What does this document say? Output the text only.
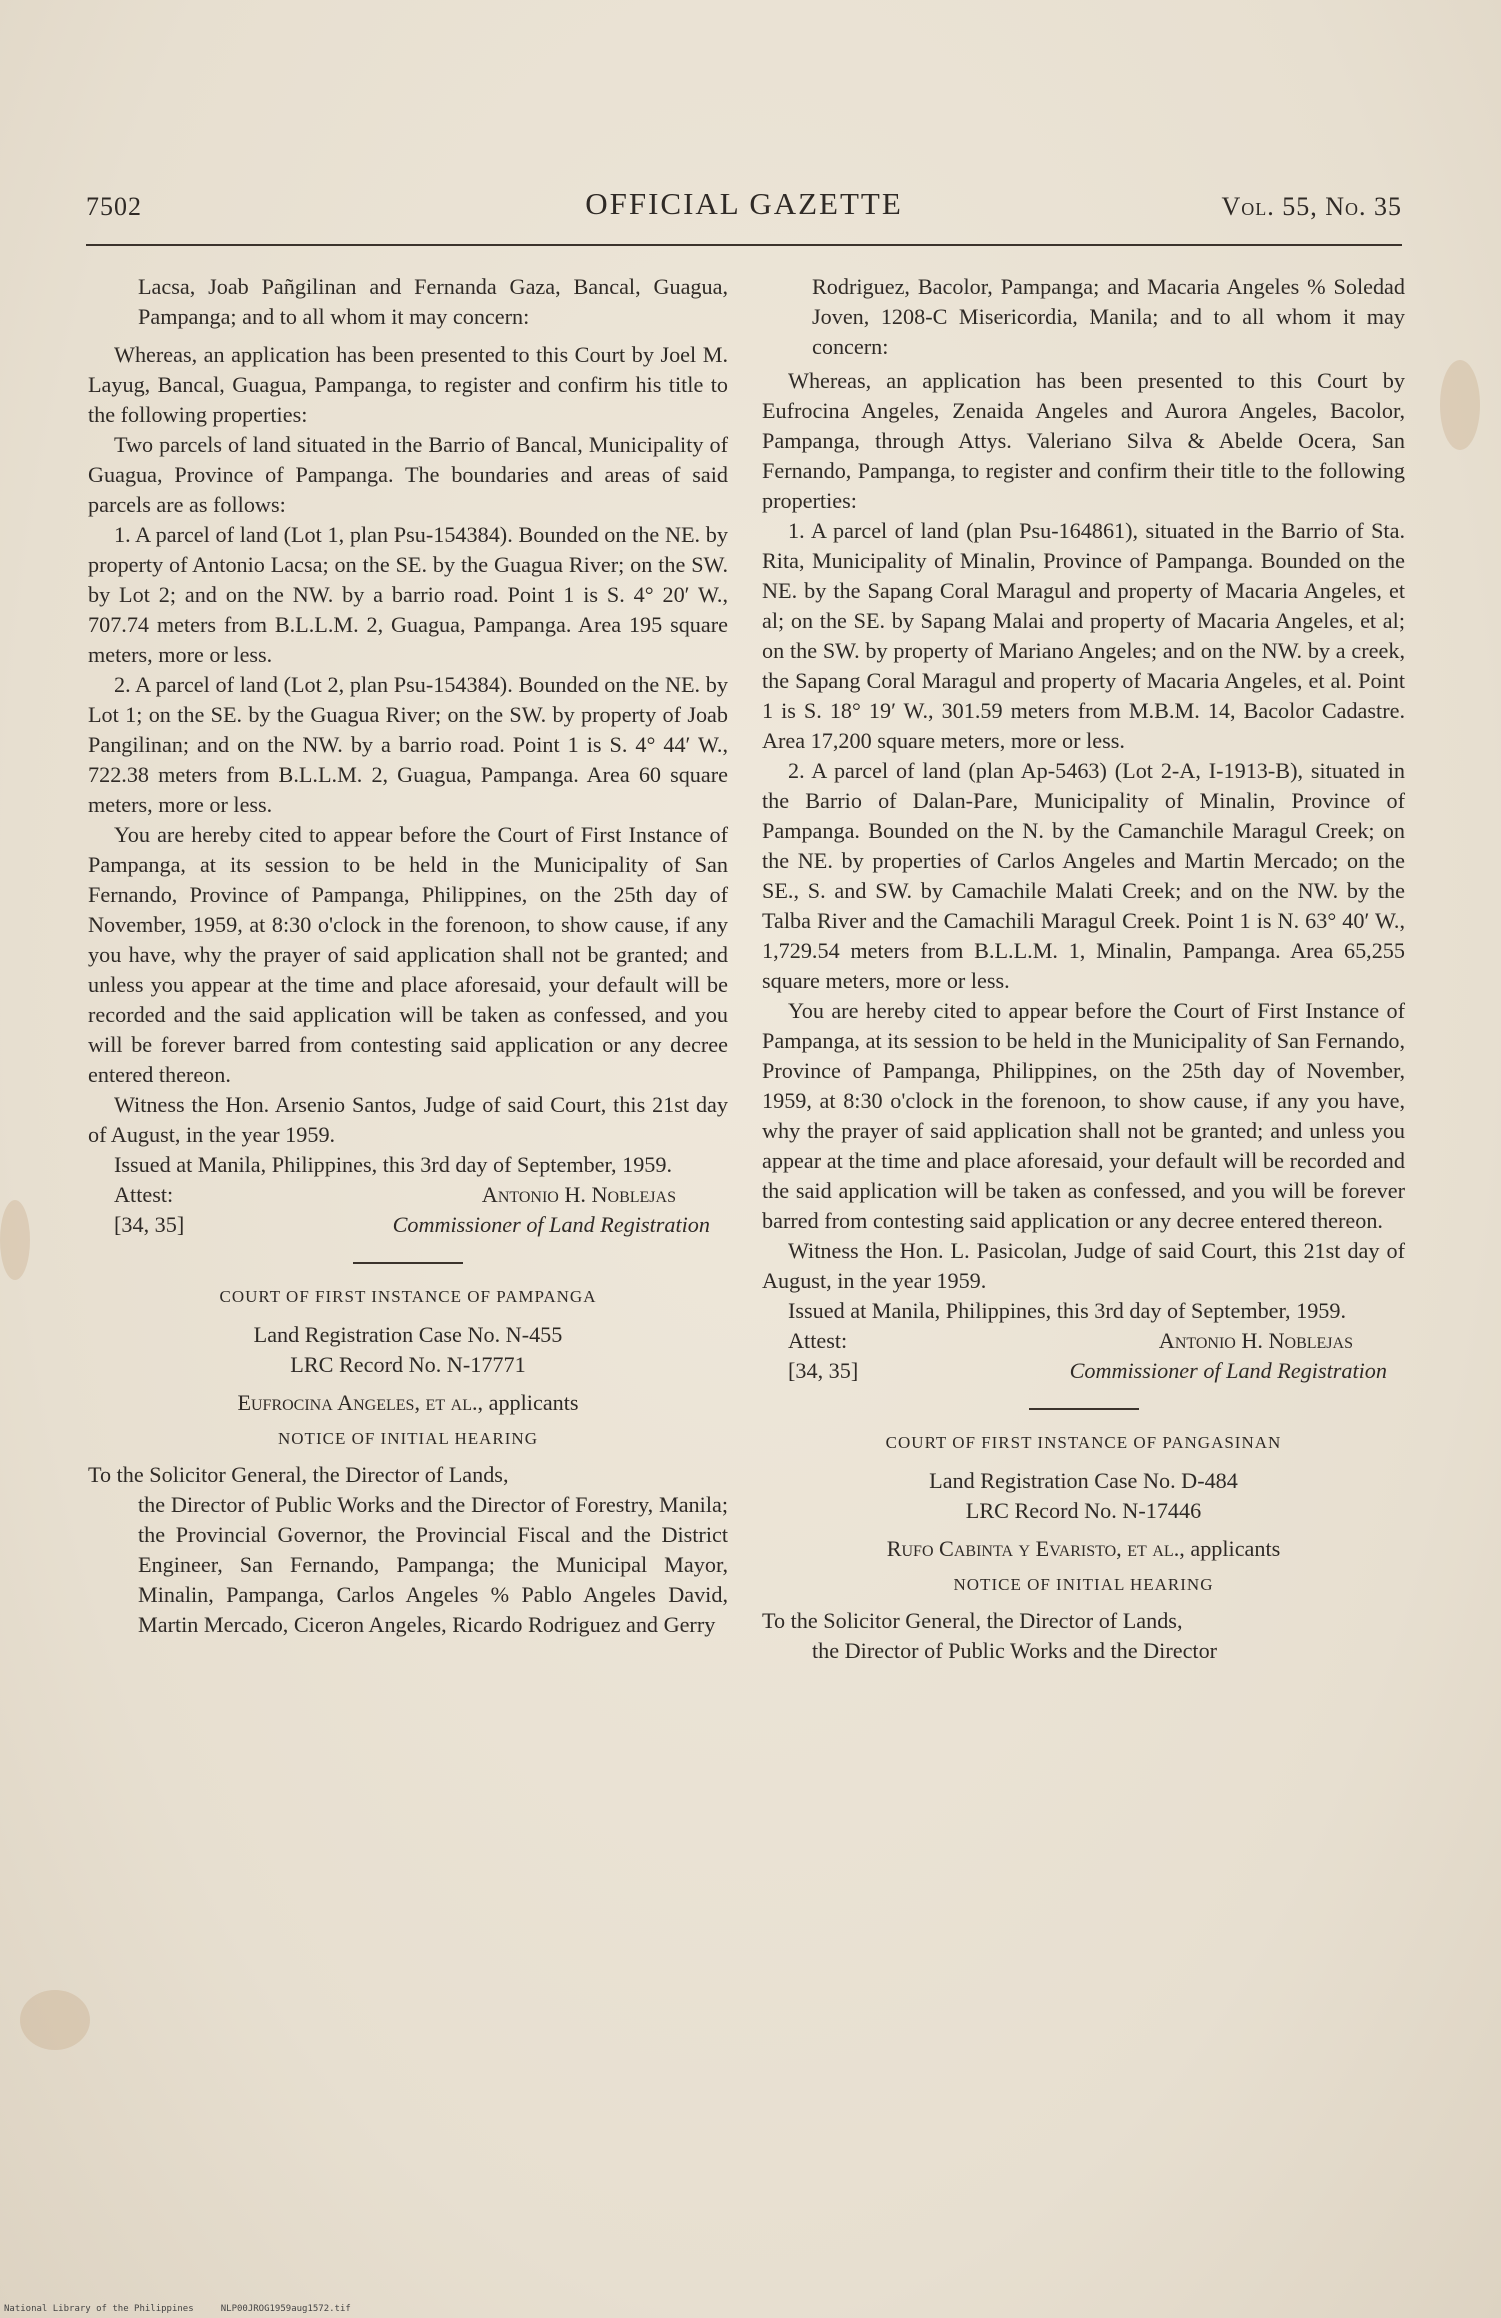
7502	OFFICIAL GAZETTE	Vol. 55, No. 35

Lacsa, Joab Pañgilinan and Fernanda Gaza, Bancal, Guagua, Pampanga; and to all whom it may concern:

Whereas, an application has been presented to this Court by Joel M. Layug, Bancal, Guagua, Pampanga, to register and confirm his title to the following properties:

Two parcels of land situated in the Barrio of Bancal, Municipality of Guagua, Province of Pampanga. The boundaries and areas of said parcels are as follows:

1. A parcel of land (Lot 1, plan Psu-154384). Bounded on the NE. by property of Antonio Lacsa; on the SE. by the Guagua River; on the SW. by Lot 2; and on the NW. by a barrio road. Point 1 is S. 4° 20′ W., 707.74 meters from B.L.L.M. 2, Guagua, Pampanga. Area 195 square meters, more or less.

2. A parcel of land (Lot 2, plan Psu-154384). Bounded on the NE. by Lot 1; on the SE. by the Guagua River; on the SW. by property of Joab Pangilinan; and on the NW. by a barrio road. Point 1 is S. 4° 44′ W., 722.38 meters from B.L.L.M. 2, Guagua, Pampanga. Area 60 square meters, more or less.

You are hereby cited to appear before the Court of First Instance of Pampanga, at its session to be held in the Municipality of San Fernando, Province of Pampanga, Philippines, on the 25th day of November, 1959, at 8:30 o'clock in the forenoon, to show cause, if any you have, why the prayer of said application shall not be granted; and unless you appear at the time and place aforesaid, your default will be recorded and the said application will be taken as confessed, and you will be forever barred from contesting said application or any decree entered thereon.

Witness the Hon. Arsenio Santos, Judge of said Court, this 21st day of August, in the year 1959.

Issued at Manila, Philippines, this 3rd day of September, 1959.

Attest:	Antonio H. Noblejas
[34, 35]	Commissioner of Land Registration

COURT OF FIRST INSTANCE OF PAMPANGA

Land Registration Case No. N-455

LRC Record No. N-17771

Eufrocina Angeles, et al., applicants

NOTICE OF INITIAL HEARING

To the Solicitor General, the Director of Lands,

the Director of Public Works and the Director of Forestry, Manila; the Provincial Governor, the Provincial Fiscal and the District Engineer, San Fernando, Pampanga; the Municipal Mayor, Minalin, Pampanga, Carlos Angeles % Pablo Angeles David, Martin Mercado, Ciceron Angeles, Ricardo Rodriguez and Gerry

Rodriguez, Bacolor, Pampanga; and Macaria Angeles % Soledad Joven, 1208-C Misericordia, Manila; and to all whom it may concern:

Whereas, an application has been presented to this Court by Eufrocina Angeles, Zenaida Angeles and Aurora Angeles, Bacolor, Pampanga, through Attys. Valeriano Silva & Abelde Ocera, San Fernando, Pampanga, to register and confirm their title to the following properties:

1. A parcel of land (plan Psu-164861), situated in the Barrio of Sta. Rita, Municipality of Minalin, Province of Pampanga. Bounded on the NE. by the Sapang Coral Maragul and property of Macaria Angeles, et al; on the SE. by Sapang Malai and property of Macaria Angeles, et al; on the SW. by property of Mariano Angeles; and on the NW. by a creek, the Sapang Coral Maragul and property of Macaria Angeles, et al. Point 1 is S. 18° 19′ W., 301.59 meters from M.B.M. 14, Bacolor Cadastre. Area 17,200 square meters, more or less.

2. A parcel of land (plan Ap-5463) (Lot 2-A, I-1913-B), situated in the Barrio of Dalan-Pare, Municipality of Minalin, Province of Pampanga. Bounded on the N. by the Camanchile Maragul Creek; on the NE. by properties of Carlos Angeles and Martin Mercado; on the SE., S. and SW. by Camachile Malati Creek; and on the NW. by the Talba River and the Camachili Maragul Creek. Point 1 is N. 63° 40′ W., 1,729.54 meters from B.L.L.M. 1, Minalin, Pampanga. Area 65,255 square meters, more or less.

You are hereby cited to appear before the Court of First Instance of Pampanga, at its session to be held in the Municipality of San Fernando, Province of Pampanga, Philippines, on the 25th day of November, 1959, at 8:30 o'clock in the forenoon, to show cause, if any you have, why the prayer of said application shall not be granted; and unless you appear at the time and place aforesaid, your default will be recorded and the said application will be taken as confessed, and you will be forever barred from contesting said application or any decree entered thereon.

Witness the Hon. L. Pasicolan, Judge of said Court, this 21st day of August, in the year 1959.

Issued at Manila, Philippines, this 3rd day of September, 1959.

Attest:	Antonio H. Noblejas
[34, 35]	Commissioner of Land Registration

COURT OF FIRST INSTANCE OF PANGASINAN

Land Registration Case No. D-484

LRC Record No. N-17446

Rufo Cabinta y Evaristo, et al., applicants

NOTICE OF INITIAL HEARING

To the Solicitor General, the Director of Lands,

the Director of Public Works and the Director

National Library of the Philippines	NLP00JROG1959aug1572.tif
